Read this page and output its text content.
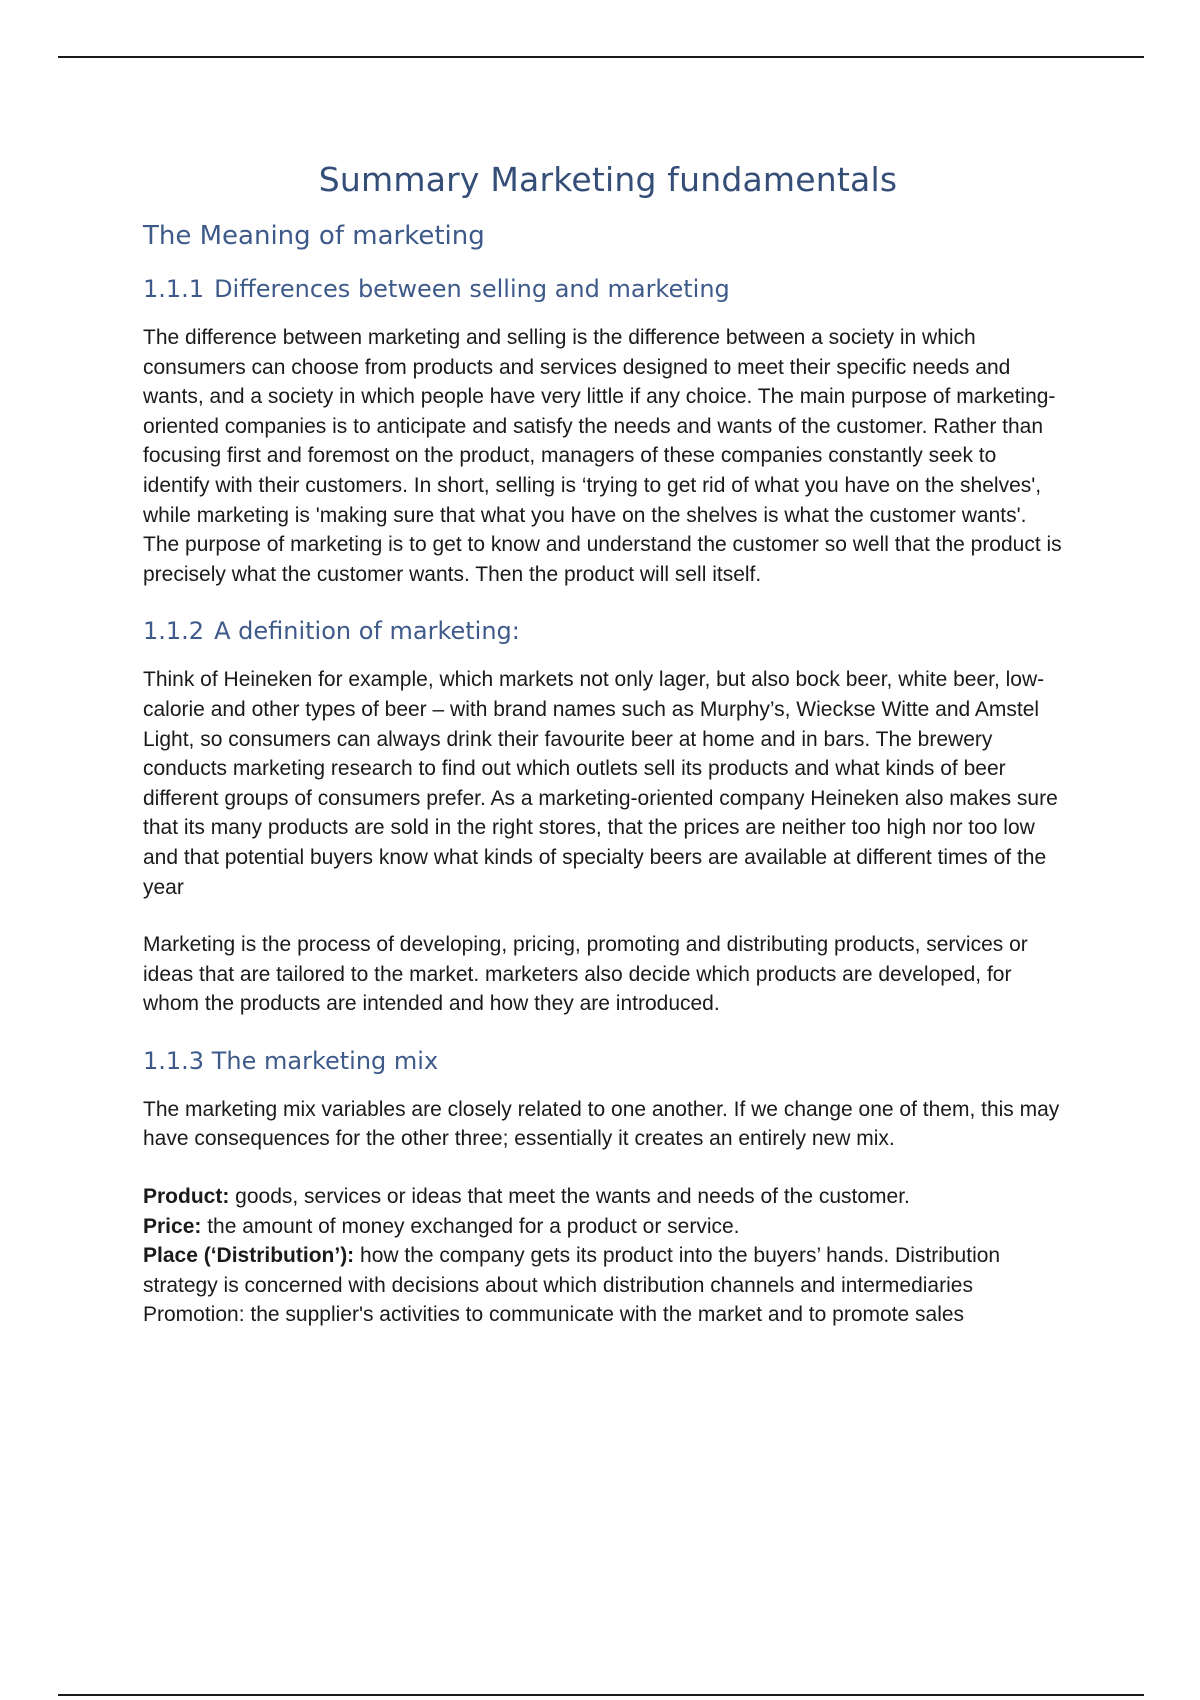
Summary Marketing fundamentals
The Meaning of marketing
1.1.1 Differences between selling and marketing

The difference between marketing and selling is the difference between a society in which consumers can choose from products and services designed to meet their specific needs and wants, and a society in which people have very little if any choice. The main purpose of marketing-oriented companies is to anticipate and satisfy the needs and wants of the customer. Rather than focusing first and foremost on the product, managers of these companies constantly seek to identify with their customers. In short, selling is ‘trying to get rid of what you have on the shelves', while marketing is 'making sure that what you have on the shelves is what the customer wants'. The purpose of marketing is to get to know and understand the customer so well that the product is precisely what the customer wants. Then the product will sell itself.

1.1.2 A definition of marketing:

Think of Heineken for example, which markets not only lager, but also bock beer, white beer, low-calorie and other types of beer – with brand names such as Murphy’s, Wieckse Witte and Amstel Light, so consumers can always drink their favourite beer at home and in bars. The brewery conducts marketing research to find out which outlets sell its products and what kinds of beer different groups of consumers prefer. As a marketing-oriented company Heineken also makes sure that its many products are sold in the right stores, that the prices are neither too high nor too low and that potential buyers know what kinds of specialty beers are available at different times of the year

Marketing is the process of developing, pricing, promoting and distributing products, services or ideas that are tailored to the market. marketers also decide which products are developed, for whom the products are intended and how they are introduced.

1.1.3 The marketing mix

The marketing mix variables are closely related to one another. If we change one of them, this may have consequences for the other three; essentially it creates an entirely new mix.

Product: goods, services or ideas that meet the wants and needs of the customer.
Price: the amount of money exchanged for a product or service.
Place (‘Distribution’): how the company gets its product into the buyers’ hands. Distribution strategy is concerned with decisions about which distribution channels and intermediaries
Promotion: the supplier's activities to communicate with the market and to promote sales
